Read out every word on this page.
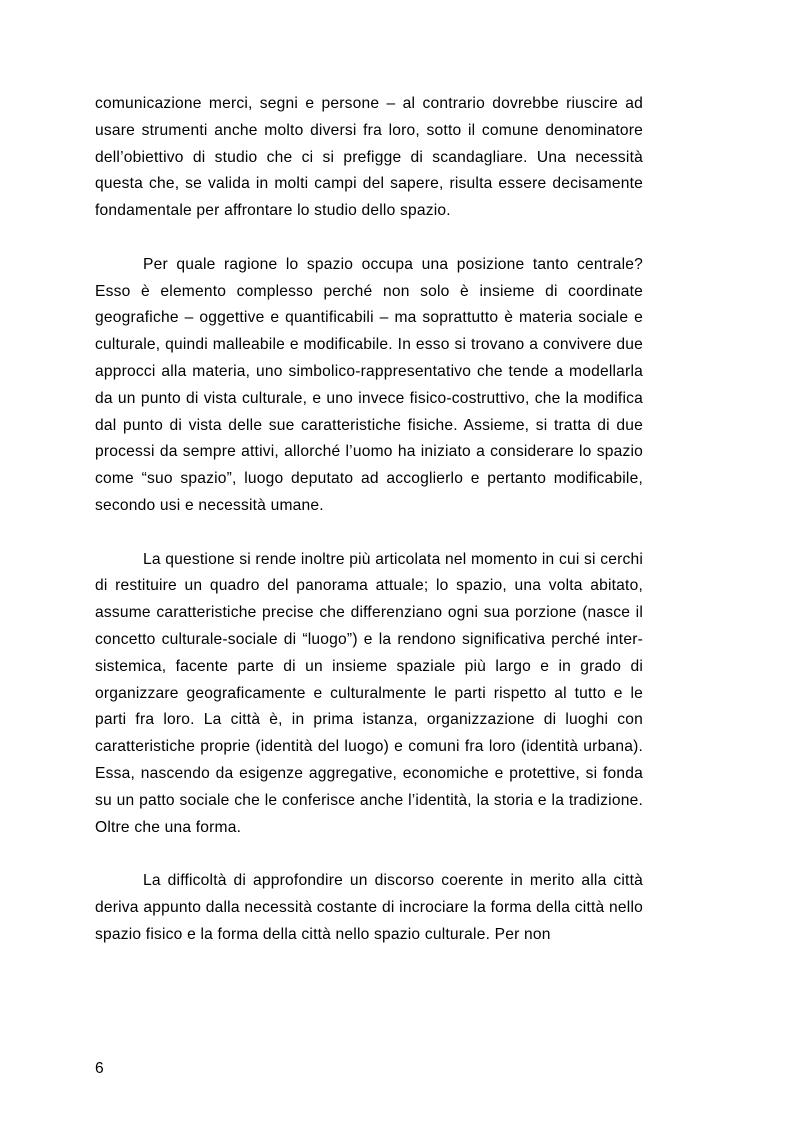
comunicazione merci, segni e persone – al contrario dovrebbe riuscire ad usare strumenti anche molto diversi fra loro, sotto il comune denominatore dell’obiettivo di studio che ci si prefigge di scandagliare. Una necessità questa che, se valida in molti campi del sapere, risulta essere decisamente fondamentale per affrontare lo studio dello spazio.

Per quale ragione lo spazio occupa una posizione tanto centrale? Esso è elemento complesso perché non solo è insieme di coordinate geografiche – oggettive e quantificabili – ma soprattutto è materia sociale e culturale, quindi malleabile e modificabile. In esso si trovano a convivere due approcci alla materia, uno simbolico-rappresentativo che tende a modellarla da un punto di vista culturale, e uno invece fisico-costruttivo, che la modifica dal punto di vista delle sue caratteristiche fisiche. Assieme, si tratta di due processi da sempre attivi, allorché l’uomo ha iniziato a considerare lo spazio come “suo spazio”, luogo deputato ad accoglierlo e pertanto modificabile, secondo usi e necessità umane.

La questione si rende inoltre più articolata nel momento in cui si cerchi di restituire un quadro del panorama attuale; lo spazio, una volta abitato, assume caratteristiche precise che differenziano ogni sua porzione (nasce il concetto culturale-sociale di “luogo”) e la rendono significativa perché inter-sistemica, facente parte di un insieme spaziale più largo e in grado di organizzare geograficamente e culturalmente le parti rispetto al tutto e le parti fra loro. La città è, in prima istanza, organizzazione di luoghi con caratteristiche proprie (identità del luogo) e comuni fra loro (identità urbana). Essa, nascendo da esigenze aggregative, economiche e protettive, si fonda su un patto sociale che le conferisce anche l’identità, la storia e la tradizione. Oltre che una forma.

La difficoltà di approfondire un discorso coerente in merito alla città deriva appunto dalla necessità costante di incrociare la forma della città nello spazio fisico e la forma della città nello spazio culturale. Per non

6
